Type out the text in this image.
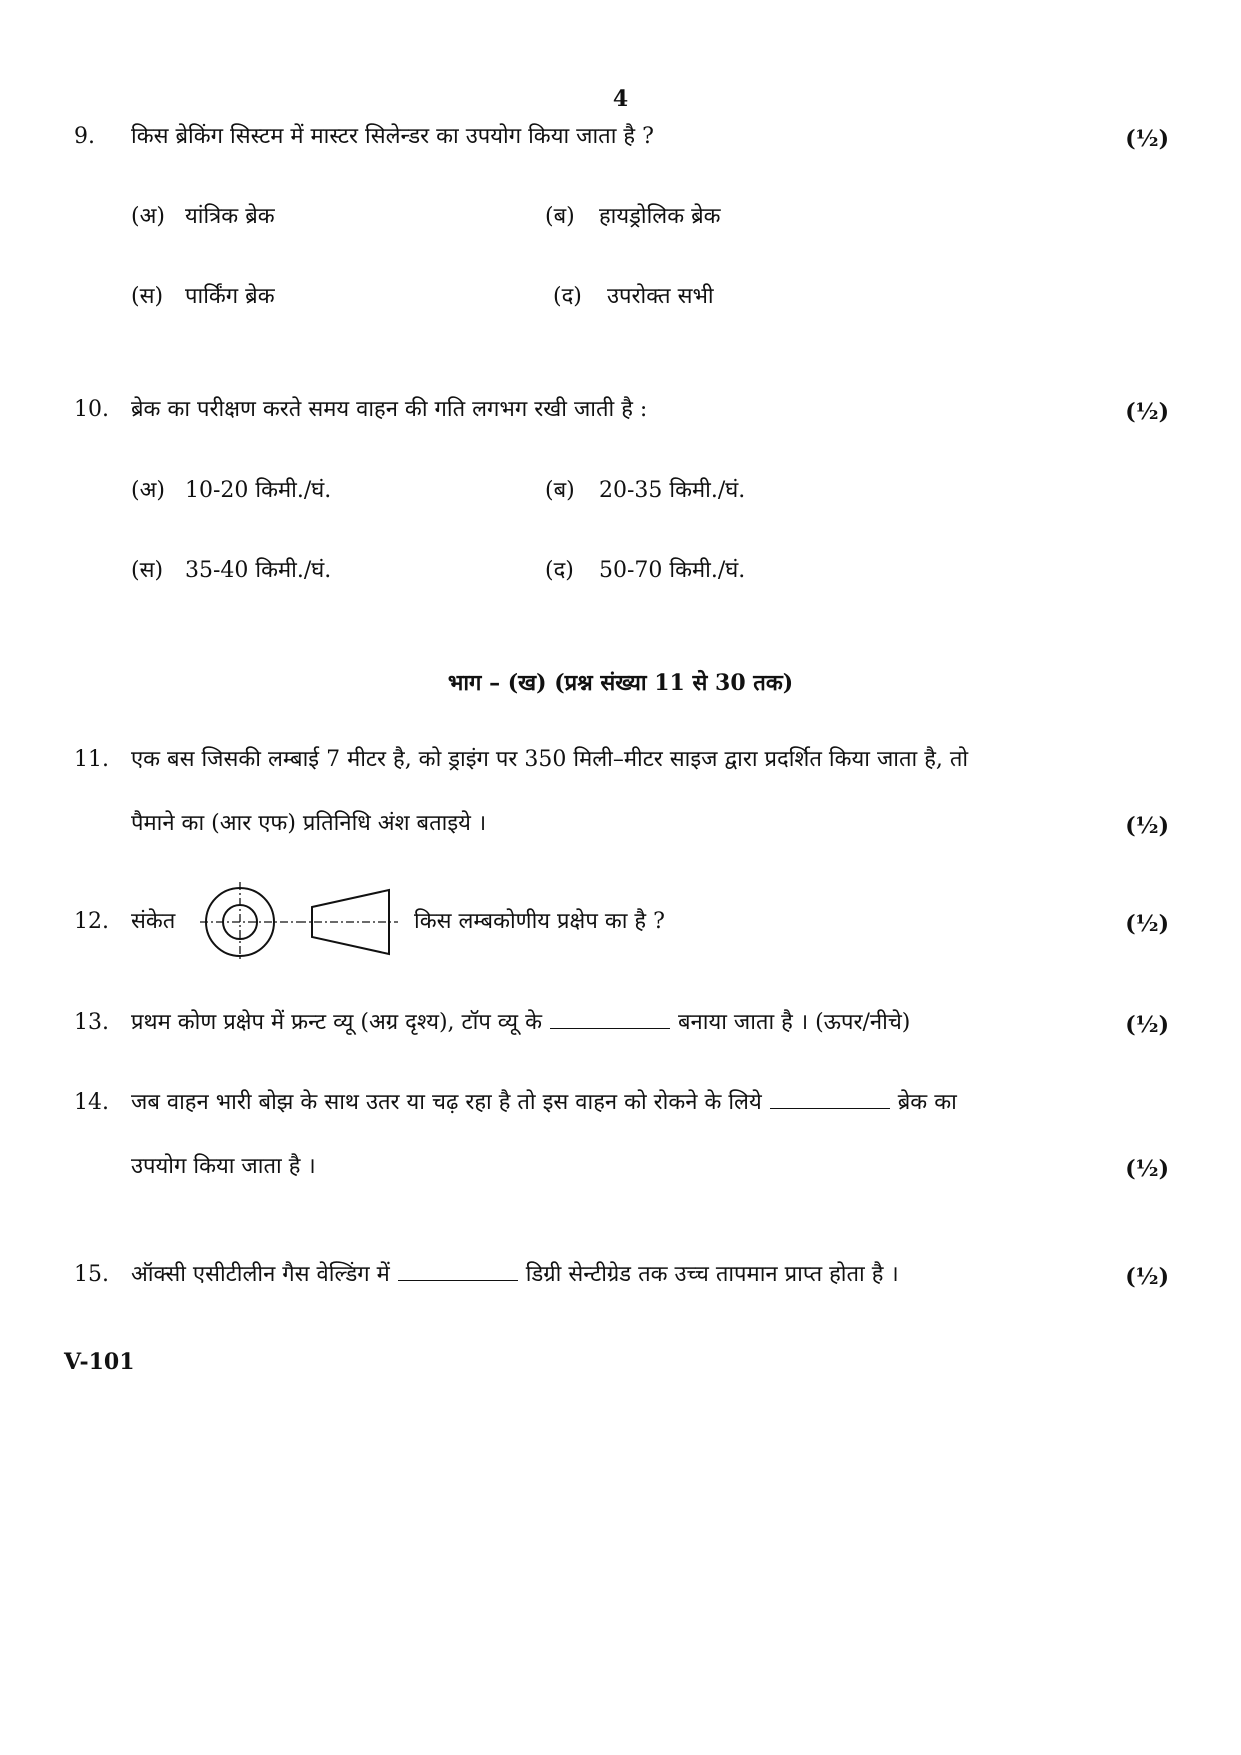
4
9. किस ब्रेकिंग सिस्टम में मास्टर सिलेन्डर का उपयोग किया जाता है ?	(½)
(अ) यांत्रिक ब्रेक	(ब) हायड्रोलिक ब्रेक
(स) पार्किंग ब्रेक	(द) उपरोक्त सभी
10. ब्रेक का परीक्षण करते समय वाहन की गति लगभग रखी जाती है :	(½)
(अ) 10-20 किमी./घं.	(ब) 20-35 किमी./घं.
(स) 35-40 किमी./घं.	(द) 50-70 किमी./घं.
भाग – (ख) (प्रश्न संख्या 11 से 30 तक)
11. एक बस जिसकी लम्बाई 7 मीटर है, को ड्राइंग पर 350 मिली–मीटर साइज द्वारा प्रदर्शित किया जाता है, तो
पैमाने का (आर एफ) प्रतिनिधि अंश बताइये ।	(½)
12. संकेत	किस लम्बकोणीय प्रक्षेप का है ?	(½)
13. प्रथम कोण प्रक्षेप में फ्रन्ट व्यू (अग्र दृश्य), टॉप व्यू के	बनाया जाता है । (ऊपर/नीचे)	(½)
14. जब वाहन भारी बोझ के साथ उतर या चढ़ रहा है तो इस वाहन को रोकने के लिये	ब्रेक का
उपयोग किया जाता है ।	(½)
15. ऑक्सी एसीटीलीन गैस वेल्डिंग में	डिग्री सेन्टीग्रेड तक उच्च तापमान प्राप्त होता है ।	(½)
V-101
